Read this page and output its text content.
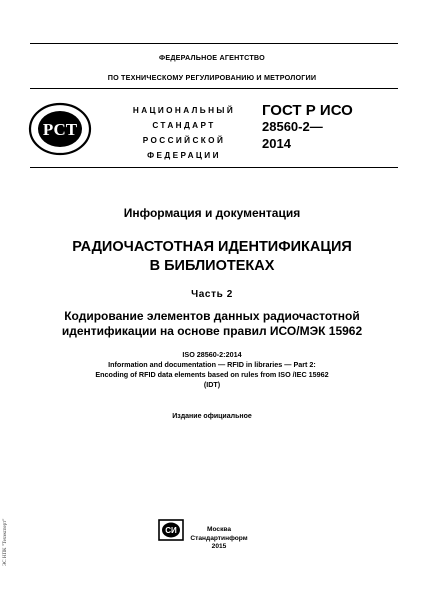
ФЕДЕРАЛЬНОЕ АГЕНТСТВО
ПО ТЕХНИЧЕСКОМУ РЕГУЛИРОВАНИЮ И МЕТРОЛОГИИ
РСТ
НАЦИОНАЛЬНЫЙ
СТАНДАРТ
РОССИЙСКОЙ
ФЕДЕРАЦИИ
ГОСТ Р ИСО
28560-2—
2014
Информация и документация
РАДИОЧАСТОТНАЯ ИДЕНТИФИКАЦИЯ
В БИБЛИОТЕКАХ
Часть 2
Кодирование элементов данных радиочастотной
идентификации на основе правил ИСО/МЭК 15962
ISO 28560-2:2014
Information and documentation — RFID in libraries — Part 2:
Encoding of RFID data elements based on rules from ISO /IEC 15962
(IDT)
Издание официальное
СИ	Москва
Стандартинформ
2015
ЭС НПК "Техэксперт"
